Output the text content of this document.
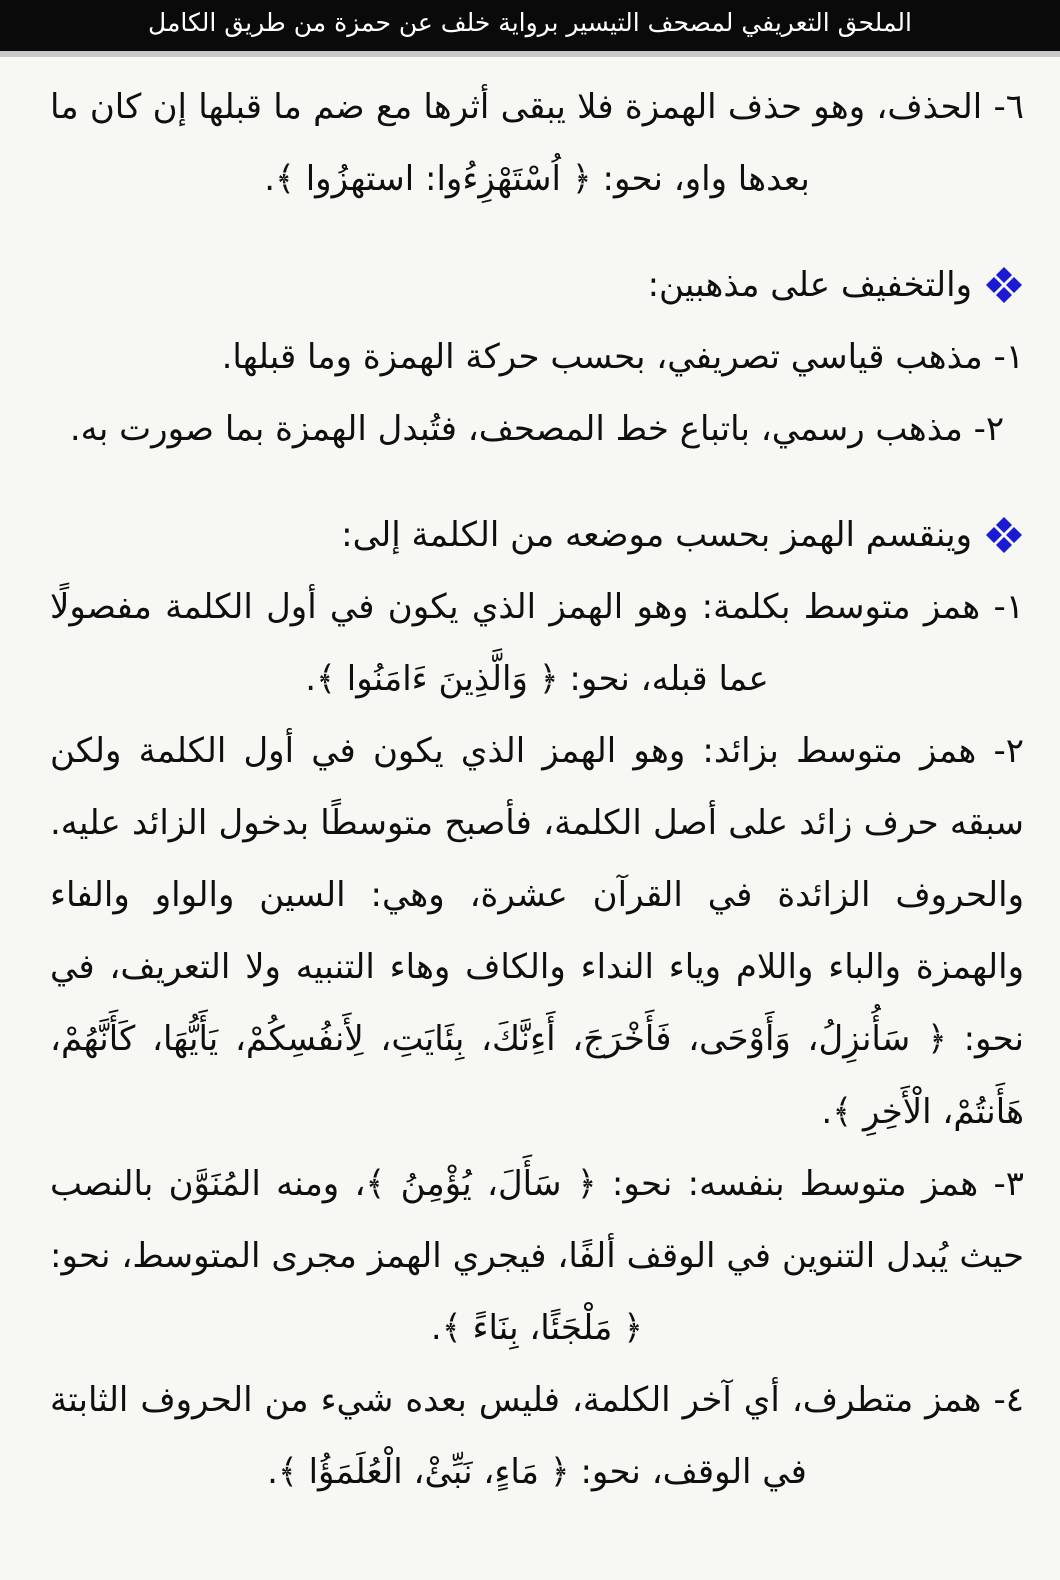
الملحق التعريفي لمصحف التيسير برواية خلف عن حمزة من طريق الكامل

٦- الحذف، وهو حذف الهمزة فلا يبقى أثرها مع ضم ما قبلها إن كان ما بعدها واو، نحو: ﴿ اُسْتَهْزِءُوا: استهزُوا ﴾.

والتخفيف على مذهبين:

١- مذهب قياسي تصريفي، بحسب حركة الهمزة وما قبلها.

٢- مذهب رسمي، باتباع خط المصحف، فتُبدل الهمزة بما صورت به.

وينقسم الهمز بحسب موضعه من الكلمة إلى:

١- همز متوسط بكلمة: وهو الهمز الذي يكون في أول الكلمة مفصولًا عما قبله، نحو: ﴿ وَالَّذِينَ ءَامَنُوا ﴾.

٢- همز متوسط بزائد: وهو الهمز الذي يكون في أول الكلمة ولكن سبقه حرف زائد على أصل الكلمة، فأصبح متوسطًا بدخول الزائد عليه. والحروف الزائدة في القرآن عشرة، وهي: السين والواو والفاء والهمزة والباء واللام وياء النداء والكاف وهاء التنبيه ولا التعريف، في نحو: ﴿ سَأُنزِلُ، وَأَوْحَى، فَأَخْرَجَ، أَءِنَّكَ، بِئَايَتِ، لِأَنفُسِكُمْ، يَأَيُّهَا، كَأَنَّهُمْ، هَأَنتُمْ، الْأَخِرِ ﴾.

٣- همز متوسط بنفسه: نحو: ﴿ سَأَلَ، يُؤْمِنُ ﴾، ومنه المُنَوَّن بالنصب حيث يُبدل التنوين في الوقف ألفًا، فيجري الهمز مجرى المتوسط، نحو: ﴿ مَلْجَئًا، بِنَاءً ﴾.

٤- همز متطرف، أي آخر الكلمة، فليس بعده شيء من الحروف الثابتة في الوقف، نحو: ﴿ مَاءٍ، نَبِّئْ، الْعُلَمَؤُا ﴾.
